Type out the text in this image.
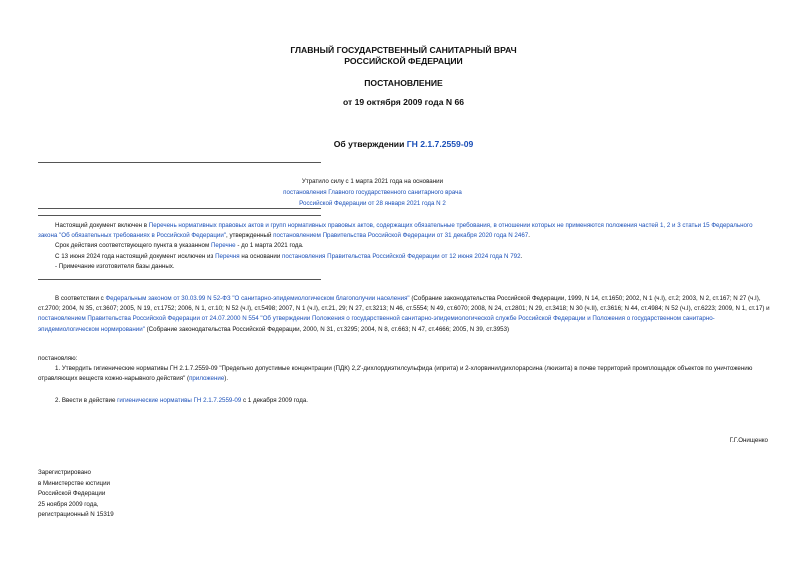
ГЛАВНЫЙ ГОСУДАРСТВЕННЫЙ САНИТАРНЫЙ ВРАЧ
РОССИЙСКОЙ ФЕДЕРАЦИИ
ПОСТАНОВЛЕНИЕ
от 19 октября 2009 года N 66
Об утверждении ГН 2.1.7.2559-09
Утратило силу с 1 марта 2021 года на основании
постановления Главного государственного санитарного врача
Российской Федерации от 28 января 2021 года N 2

Настоящий документ включен в Перечень нормативных правовых актов и групп нормативных правовых актов, содержащих обязательные требования, в отношении которых не применяются положения частей 1, 2 и 3 статьи 15 Федерального закона "Об обязательных требованиях в Российской Федерации", утвержденный постановлением Правительства Российской Федерации от 31 декабря 2020 года N 2467.

Срок действия соответствующего пункта в указанном Перечне - до 1 марта 2021 года.

С 13 июня 2024 года настоящий документ исключен из Перечня на основании постановления Правительства Российской Федерации от 12 июня 2024 года N 792.

- Примечание изготовителя базы данных.

В соответствии с Федеральным законом от 30.03.99 N 52-ФЗ "О санитарно-эпидемиологическом благополучии населения" (Собрание законодательства Российской Федерации, 1999, N 14, ст.1650; 2002, N 1 (ч.I), ст.2; 2003, N 2, ст.167; N 27 (ч.I), ст.2700; 2004, N 35, ст.3607; 2005, N 19, ст.1752; 2006, N 1, ст.10; N 52 (ч.I), ст.5498; 2007, N 1 (ч.I), ст.21, 29; N 27, ст.3213; N 46, ст.5554; N 49, ст.6070; 2008, N 24, ст.2801; N 29, ст.3418; N 30 (ч.II), ст.3616; N 44, ст.4984; N 52 (ч.I), ст.6223; 2009, N 1, ст.17) и постановлением Правительства Российской Федерации от 24.07.2000 N 554 "Об утверждении Положения о государственной санитарно-эпидемиологической службе Российской Федерации и Положения о государственном санитарно-эпидемиологическом нормировании" (Собрание законодательства Российской Федерации, 2000, N 31, ст.3295; 2004, N 8, ст.663; N 47, ст.4666; 2005, N 39, ст.3953)

постановляю:

1. Утвердить гигиенические нормативы ГН 2.1.7.2559-09 "Предельно допустимые концентрации (ПДК) 2,2'-дихлордиэтилсульфида (иприта) и 2-хлорвинилдихлорарсина (люизита) в почве территорий промплощадок объектов по уничтожению отравляющих веществ кожно-нарывного действия" (приложение).

2. Ввести в действие гигиенические нормативы ГН 2.1.7.2559-09 с 1 декабря 2009 года.

Г.Г.Онищенко

Зарегистрировано
в Министерстве юстиции
Российской Федерации
25 ноября 2009 года,
регистрационный N 15319
